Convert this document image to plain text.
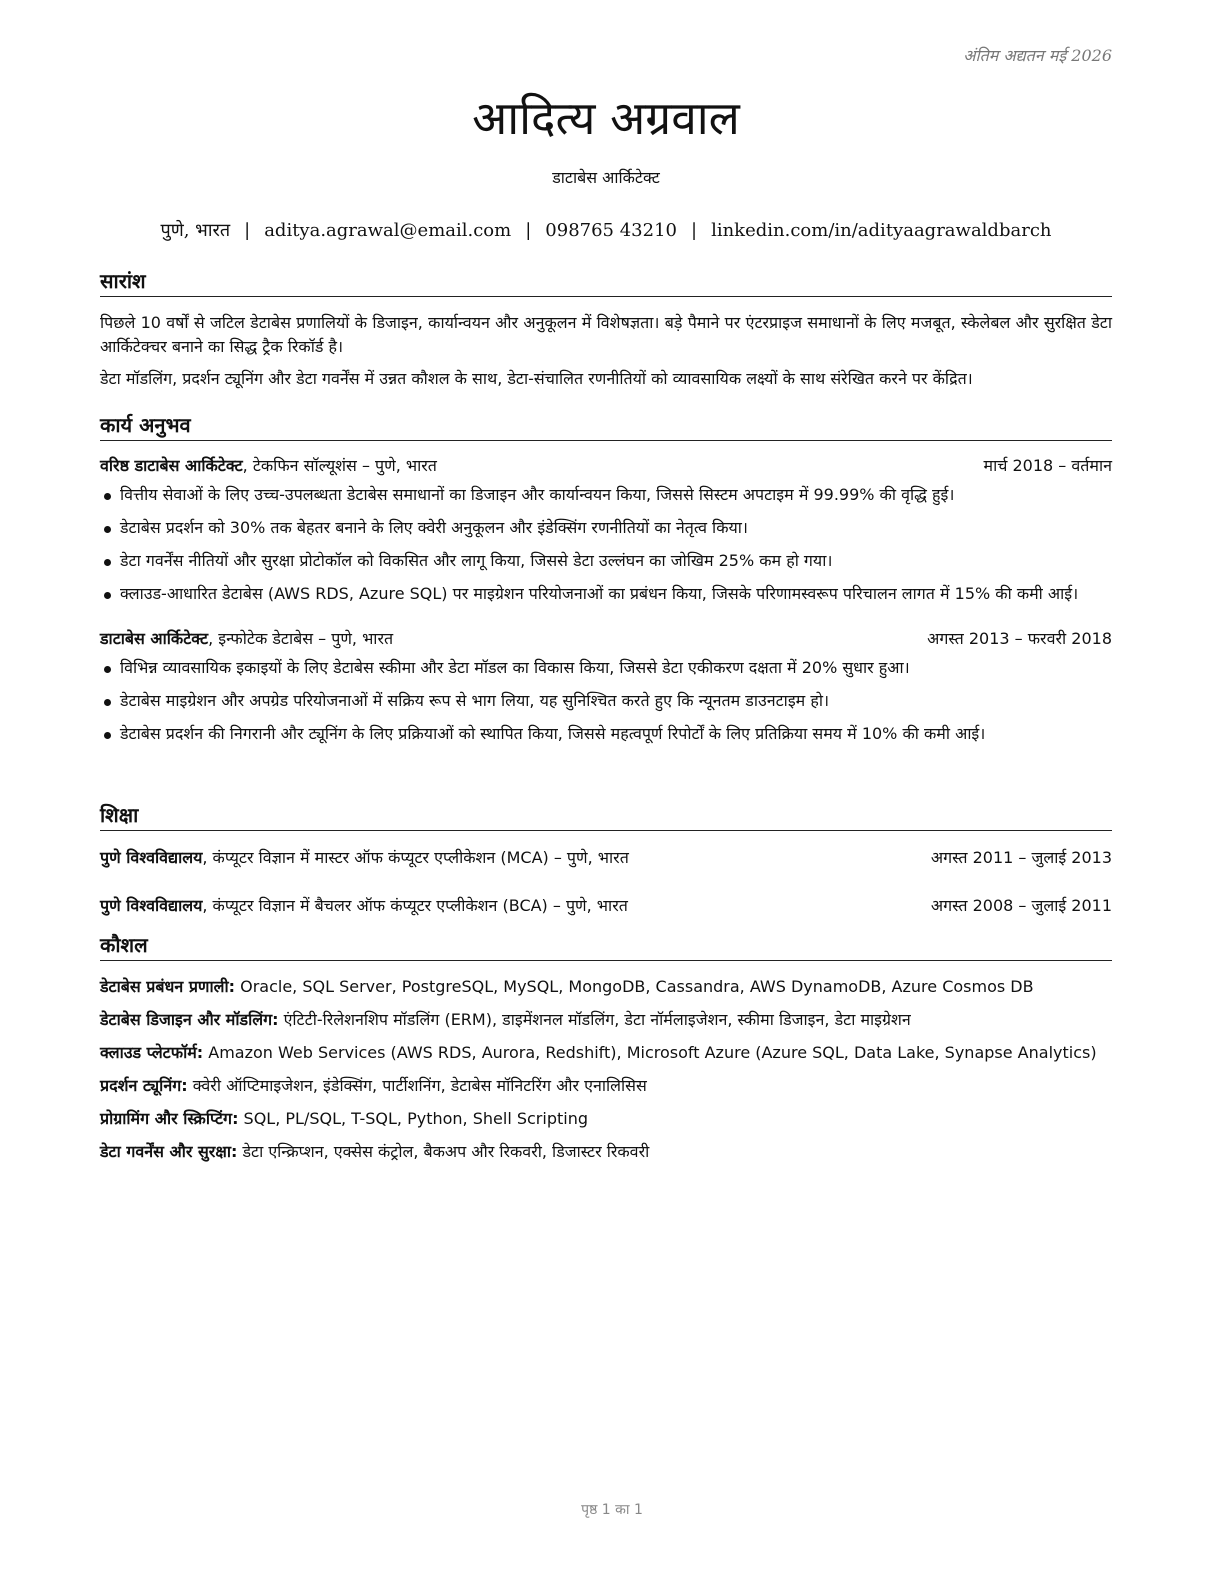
अंतिम अद्यतन मई 2026
आदित्य अग्रवाल
डाटाबेस आर्किटेक्ट
पुणे, भारत | aditya.agrawal@email.com | 098765 43210 | linkedin.com/in/adityaagrawaldbarch
सारांश

पिछले 10 वर्षों से जटिल डेटाबेस प्रणालियों के डिजाइन, कार्यान्वयन और अनुकूलन में विशेषज्ञता। बड़े पैमाने पर एंटरप्राइज समाधानों के लिए मजबूत, स्केलेबल और सुरक्षित डेटा आर्किटेक्चर बनाने का सिद्ध ट्रैक रिकॉर्ड है।

डेटा मॉडलिंग, प्रदर्शन ट्यूनिंग और डेटा गवर्नेंस में उन्नत कौशल के साथ, डेटा-संचालित रणनीतियों को व्यावसायिक लक्ष्यों के साथ संरेखित करने पर केंद्रित।

कार्य अनुभव
वरिष्ठ डाटाबेस आर्किटेक्ट, टेकफिन सॉल्यूशंस – पुणे, भारत	मार्च 2018 – वर्तमान
वित्तीय सेवाओं के लिए उच्च-उपलब्धता डेटाबेस समाधानों का डिजाइन और कार्यान्वयन किया, जिससे सिस्टम अपटाइम में 99.99% की वृद्धि हुई।
डेटाबेस प्रदर्शन को 30% तक बेहतर बनाने के लिए क्वेरी अनुकूलन और इंडेक्सिंग रणनीतियों का नेतृत्व किया।
डेटा गवर्नेंस नीतियों और सुरक्षा प्रोटोकॉल को विकसित और लागू किया, जिससे डेटा उल्लंघन का जोखिम 25% कम हो गया।
क्लाउड-आधारित डेटाबेस (AWS RDS, Azure SQL) पर माइग्रेशन परियोजनाओं का प्रबंधन किया, जिसके परिणामस्वरूप परिचालन लागत में 15% की कमी आई।
डाटाबेस आर्किटेक्ट, इन्फोटेक डेटाबेस – पुणे, भारत	अगस्त 2013 – फरवरी 2018
विभिन्न व्यावसायिक इकाइयों के लिए डेटाबेस स्कीमा और डेटा मॉडल का विकास किया, जिससे डेटा एकीकरण दक्षता में 20% सुधार हुआ।
डेटाबेस माइग्रेशन और अपग्रेड परियोजनाओं में सक्रिय रूप से भाग लिया, यह सुनिश्चित करते हुए कि न्यूनतम डाउनटाइम हो।
डेटाबेस प्रदर्शन की निगरानी और ट्यूनिंग के लिए प्रक्रियाओं को स्थापित किया, जिससे महत्वपूर्ण रिपोर्टों के लिए प्रतिक्रिया समय में 10% की कमी आई।
शिक्षा
पुणे विश्वविद्यालय, कंप्यूटर विज्ञान में मास्टर ऑफ कंप्यूटर एप्लीकेशन (MCA) – पुणे, भारत	अगस्त 2011 – जुलाई 2013
पुणे विश्वविद्यालय, कंप्यूटर विज्ञान में बैचलर ऑफ कंप्यूटर एप्लीकेशन (BCA) – पुणे, भारत	अगस्त 2008 – जुलाई 2011
कौशल
डेटाबेस प्रबंधन प्रणाली: Oracle, SQL Server, PostgreSQL, MySQL, MongoDB, Cassandra, AWS DynamoDB, Azure Cosmos DB
डेटाबेस डिजाइन और मॉडलिंग: एंटिटी-रिलेशनशिप मॉडलिंग (ERM), डाइमेंशनल मॉडलिंग, डेटा नॉर्मलाइजेशन, स्कीमा डिजाइन, डेटा माइग्रेशन
क्लाउड प्लेटफॉर्म: Amazon Web Services (AWS RDS, Aurora, Redshift), Microsoft Azure (Azure SQL, Data Lake, Synapse Analytics)
प्रदर्शन ट्यूनिंग: क्वेरी ऑप्टिमाइजेशन, इंडेक्सिंग, पार्टीशनिंग, डेटाबेस मॉनिटरिंग और एनालिसिस
प्रोग्रामिंग और स्क्रिप्टिंग: SQL, PL/SQL, T-SQL, Python, Shell Scripting
डेटा गवर्नेंस और सुरक्षा: डेटा एन्क्रिप्शन, एक्सेस कंट्रोल, बैकअप और रिकवरी, डिजास्टर रिकवरी
पृष्ठ 1 का 1
